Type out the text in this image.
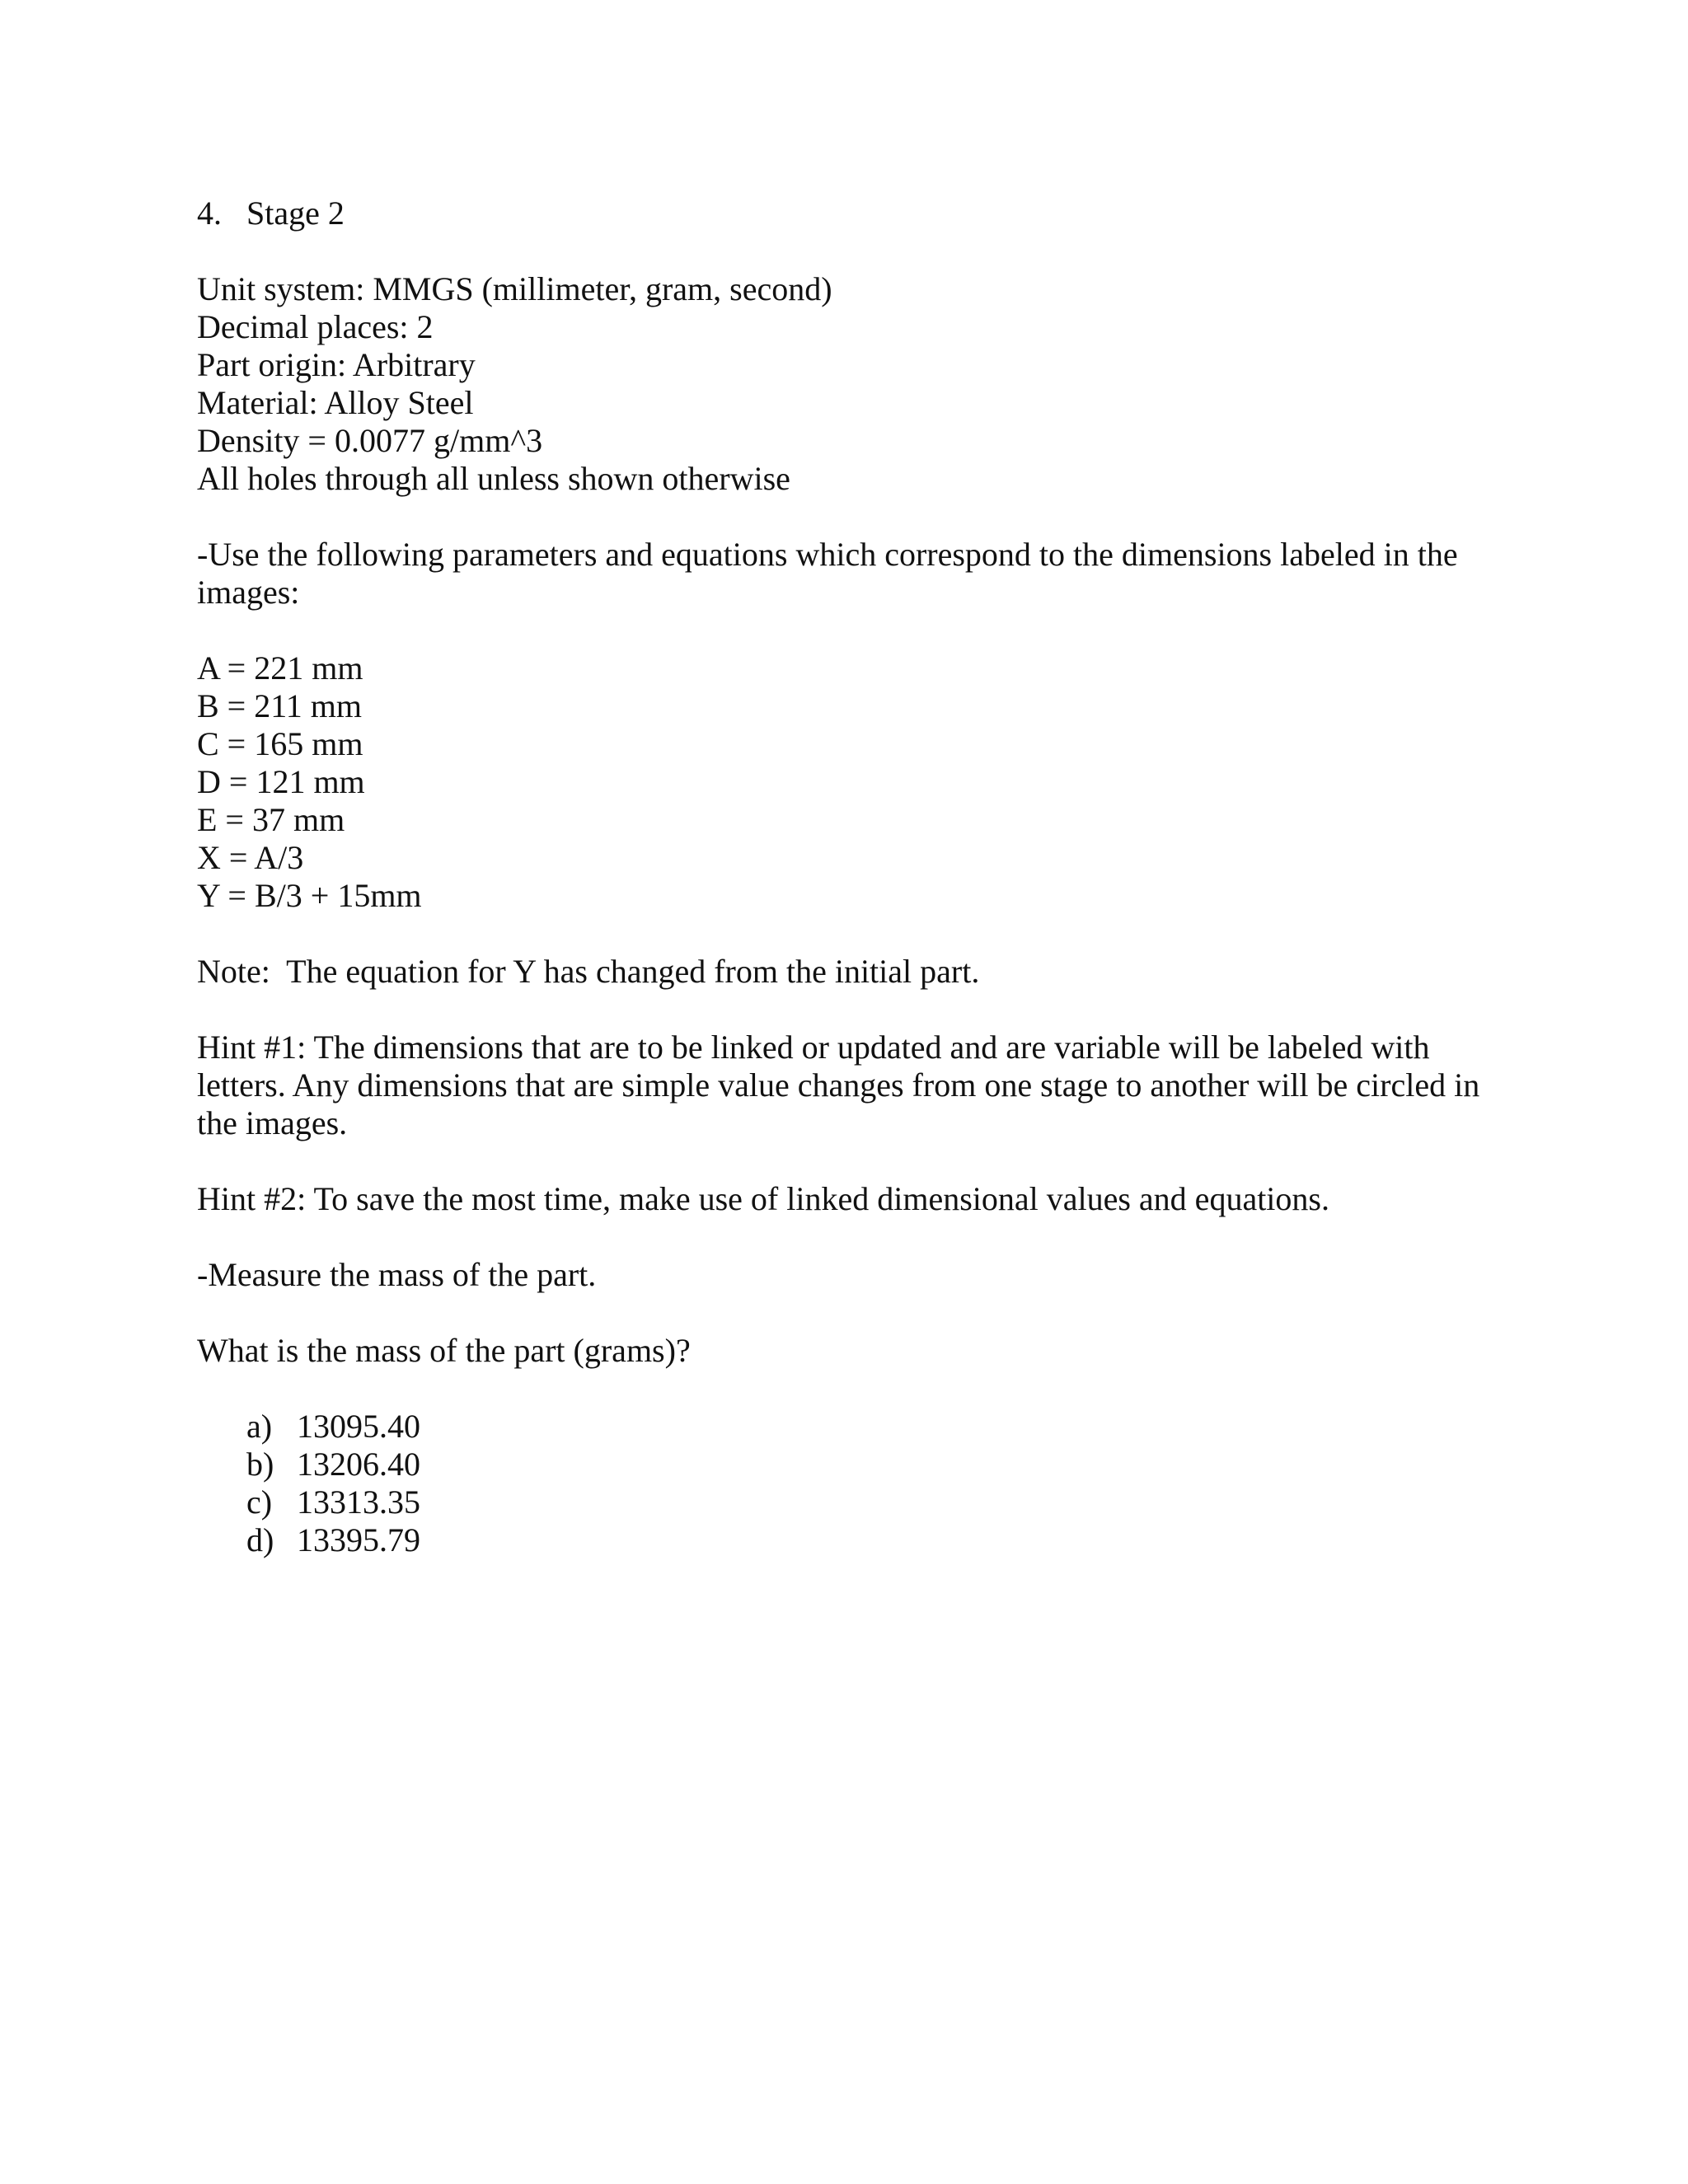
4. Stage 2
Unit system: MMGS (millimeter, gram, second)
Decimal places: 2
Part origin: Arbitrary
Material: Alloy Steel
Density = 0.0077 g/mm^3
All holes through all unless shown otherwise
-Use the following parameters and equations which correspond to the dimensions labeled in the
images:
A = 221 mm
B = 211 mm
C = 165 mm
D = 121 mm
E = 37 mm
X = A/3
Y = B/3 + 15mm
Note:  The equation for Y has changed from the initial part.
Hint #1: The dimensions that are to be linked or updated and are variable will be labeled with
letters. Any dimensions that are simple value changes from one stage to another will be circled in
the images.
Hint #2: To save the most time, make use of linked dimensional values and equations.
-Measure the mass of the part.
What is the mass of the part (grams)?
a) 13095.40
b) 13206.40
c) 13313.35
d) 13395.79
